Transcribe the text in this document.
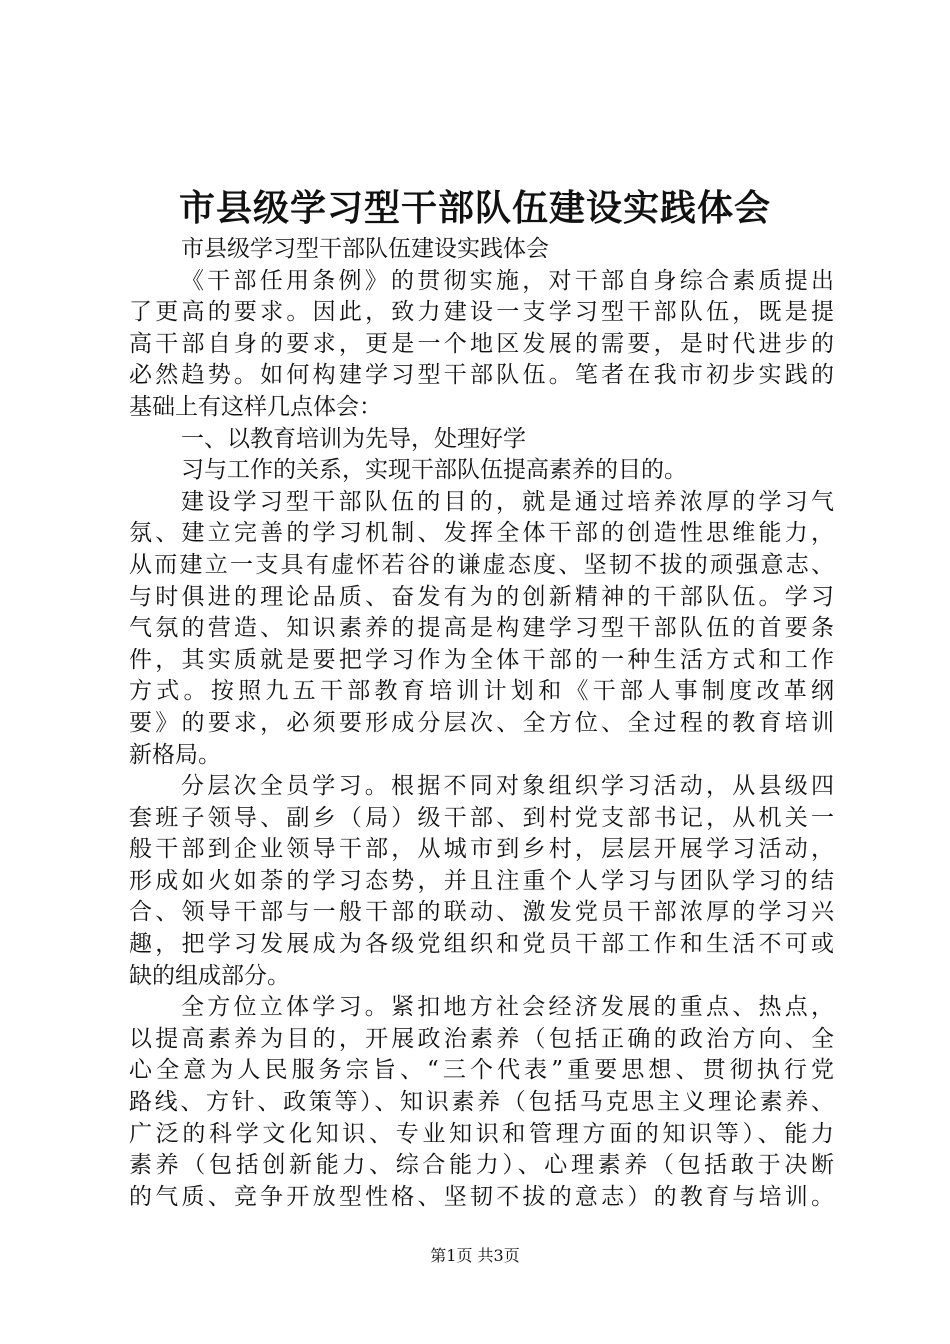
市县级学习型干部队伍建设实践体会
市县级学习型干部队伍建设实践体会
《干部任用条例》的贯彻实施，对干部自身综合素质提出
了更高的要求。因此，致力建设一支学习型干部队伍，既是提
高干部自身的要求，更是一个地区发展的需要，是时代进步的
必然趋势。如何构建学习型干部队伍。笔者在我市初步实践的
基础上有这样几点体会：
一、以教育培训为先导，处理好学
习与工作的关系，实现干部队伍提高素养的目的。
建设学习型干部队伍的目的，就是通过培养浓厚的学习气
氛、建立完善的学习机制、发挥全体干部的创造性思维能力，
从而建立一支具有虚怀若谷的谦虚态度、坚韧不拔的顽强意志、
与时俱进的理论品质、奋发有为的创新精神的干部队伍。学习
气氛的营造、知识素养的提高是构建学习型干部队伍的首要条
件，其实质就是要把学习作为全体干部的一种生活方式和工作
方式。按照九五干部教育培训计划和《干部人事制度改革纲
要》的要求，必须要形成分层次、全方位、全过程的教育培训
新格局。
分层次全员学习。根据不同对象组织学习活动，从县级四
套班子领导、副乡（局）级干部、到村党支部书记，从机关一
般干部到企业领导干部，从城市到乡村，层层开展学习活动，
形成如火如荼的学习态势，并且注重个人学习与团队学习的结
合、领导干部与一般干部的联动、激发党员干部浓厚的学习兴
趣，把学习发展成为各级党组织和党员干部工作和生活不可或
缺的组成部分。
全方位立体学习。紧扣地方社会经济发展的重点、热点，
以提高素养为目的，开展政治素养（包括正确的政治方向、全
心全意为人民服务宗旨、“三个代表”重要思想、贯彻执行党
路线、方针、政策等）、知识素养（包括马克思主义理论素养、
广泛的科学文化知识、专业知识和管理方面的知识等）、能力
素养（包括创新能力、综合能力）、心理素养（包括敢于决断
的气质、竞争开放型性格、坚韧不拔的意志）的教育与培训。
第1页 共3页
